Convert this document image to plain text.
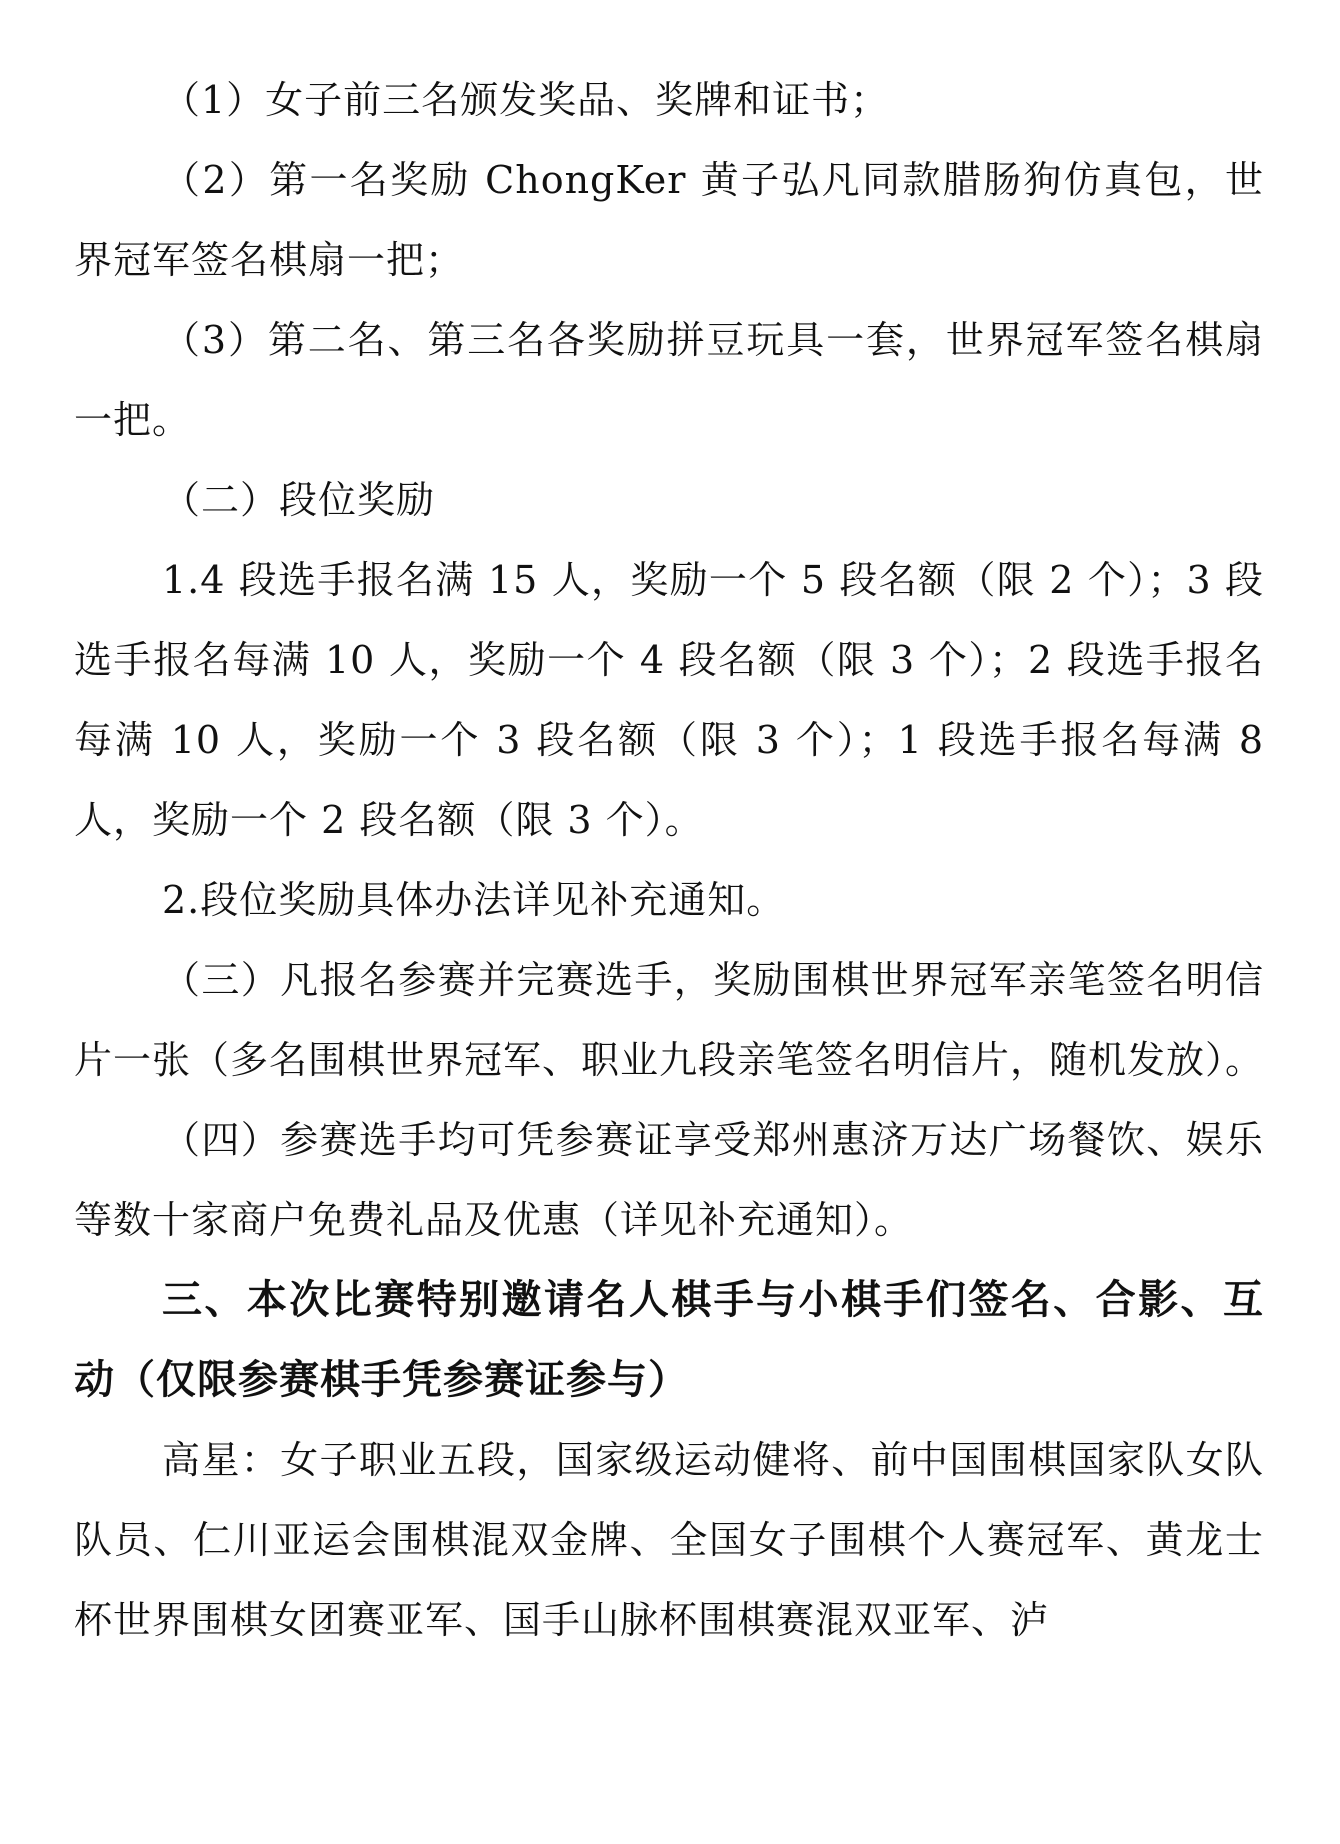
（1）女子前三名颁发奖品、奖牌和证书；

（2）第一名奖励 ChongKer 黄子弘凡同款腊肠狗仿真包，世界冠军签名棋扇一把；

（3）第二名、第三名各奖励拼豆玩具一套，世界冠军签名棋扇一把。

（二）段位奖励

1.4 段选手报名满 15 人，奖励一个 5 段名额（限 2 个）；3 段选手报名每满 10 人，奖励一个 4 段名额（限 3 个）；2 段选手报名每满 10 人，奖励一个 3 段名额（限 3 个）；1 段选手报名每满 8 人，奖励一个 2 段名额（限 3 个）。

2.段位奖励具体办法详见补充通知。

（三）凡报名参赛并完赛选手，奖励围棋世界冠军亲笔签名明信片一张（多名围棋世界冠军、职业九段亲笔签名明信片，随机发放）。

（四）参赛选手均可凭参赛证享受郑州惠济万达广场餐饮、娱乐等数十家商户免费礼品及优惠（详见补充通知）。

三、本次比赛特别邀请名人棋手与小棋手们签名、合影、互动（仅限参赛棋手凭参赛证参与）

高星：女子职业五段，国家级运动健将、前中国围棋国家队女队队员、仁川亚运会围棋混双金牌、全国女子围棋个人赛冠军、黄龙士杯世界围棋女团赛亚军、国手山脉杯围棋赛混双亚军、泸
